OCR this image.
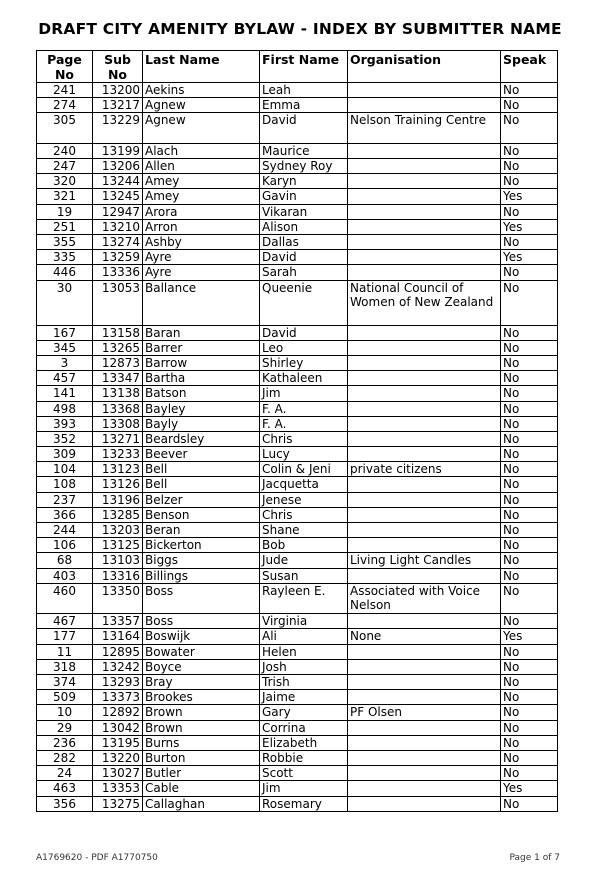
DRAFT CITY AMENITY BYLAW - INDEX BY SUBMITTER NAME
Page No	Sub No	Last Name	First Name	Organisation	Speak
241	13200	Aekins	Leah		No
274	13217	Agnew	Emma		No
305	13229	Agnew	David	Nelson Training Centre	No
240	13199	Alach	Maurice		No
247	13206	Allen	Sydney Roy		No
320	13244	Amey	Karyn		No
321	13245	Amey	Gavin		Yes
19	12947	Arora	Vikaran		No
251	13210	Arron	Alison		Yes
355	13274	Ashby	Dallas		No
335	13259	Ayre	David		Yes
446	13336	Ayre	Sarah		No
30	13053	Ballance	Queenie	National Council of Women of New Zealand	No
167	13158	Baran	David		No
345	13265	Barrer	Leo		No
3	12873	Barrow	Shirley		No
457	13347	Bartha	Kathaleen		No
141	13138	Batson	Jim		No
498	13368	Bayley	F. A.		No
393	13308	Bayly	F. A.		No
352	13271	Beardsley	Chris		No
309	13233	Beever	Lucy		No
104	13123	Bell	Colin & Jeni	private citizens	No
108	13126	Bell	Jacquetta		No
237	13196	Belzer	Jenese		No
366	13285	Benson	Chris		No
244	13203	Beran	Shane		No
106	13125	Bickerton	Bob		No
68	13103	Biggs	Jude	Living Light Candles	No
403	13316	Billings	Susan		No
460	13350	Boss	Rayleen E.	Associated with Voice Nelson	No
467	13357	Boss	Virginia		No
177	13164	Boswijk	Ali	None	Yes
11	12895	Bowater	Helen		No
318	13242	Boyce	Josh		No
374	13293	Bray	Trish		No
509	13373	Brookes	Jaime		No
10	12892	Brown	Gary	PF Olsen	No
29	13042	Brown	Corrina		No
236	13195	Burns	Elizabeth		No
282	13220	Burton	Robbie		No
24	13027	Butler	Scott		No
463	13353	Cable	Jim		Yes
356	13275	Callaghan	Rosemary		No
A1769620 - PDF A1770750	Page 1 of 7
